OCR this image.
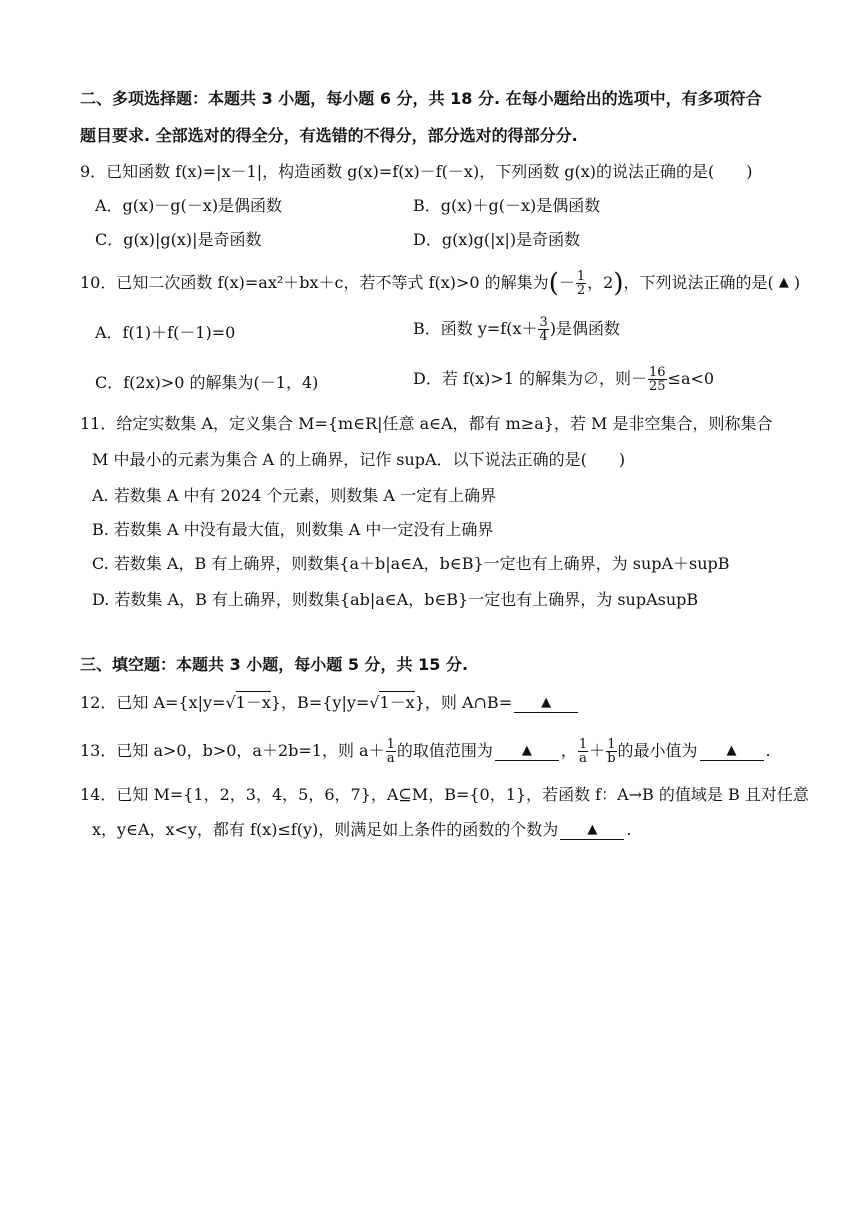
二、多项选择题：本题共 3 小题，每小题 6 分，共 18 分. 在每小题给出的选项中，有多项符合
题目要求. 全部选对的得全分，有选错的不得分，部分选对的得部分分.
9．已知函数 f(x)=|x－1|，构造函数 g(x)=f(x)－f(－x)，下列函数 g(x)的说法正确的是(　　)
A．g(x)－g(－x)是偶函数	B．g(x)＋g(－x)是偶函数
C．g(x)|g(x)|是奇函数	D．g(x)g(|x|)是奇函数
10．已知二次函数 f(x)=ax²＋bx＋c，若不等式 f(x)>0 的解集为(－ $\frac{1}{2}$ ，2)，下列说法正确的是( ▲ )
A．f(1)＋f(－1)=0	B．函数 $y=f(x+ \frac{3}{4}$ )是偶函数
C．f(2x)>0 的解集为(－1，4)	D．若 f(x)>1 的解集为∅，则－ $\frac{16}{25} \le a<0$
11．给定实数集 A，定义集合 M={m∈R|任意 a∈A，都有 m≥a}，若 M 是非空集合，则称集合
M 中最小的元素为集合 A 的上确界，记作 supA．以下说法正确的是(　　)
A. 若数集 A 中有 2024 个元素，则数集 A 一定有上确界
B. 若数集 A 中没有最大值，则数集 A 中一定没有上确界
C. 若数集 A，B 有上确界，则数集{a＋b|a∈A，b∈B}一定也有上确界，为 supA＋supB
D. 若数集 A，B 有上确界，则数集{ab|a∈A，b∈B}一定也有上确界，为 supAsupB
三、填空题：本题共 3 小题，每小题 5 分，共 15 分.
12．已知 A={x|y=√1－x}，B={y|y=√1－x}，则 A∩B= ▲
13．已知 a>0，b>0，a＋2b=1，则 $a+ \frac{1}{a}$ 的取值范围为 ▲ ， $\frac{1}{a} + \frac{1}{b}$ 的最小值为 ▲ .
14．已知 M={1，2，3，4，5，6，7}，A⊆M，B={0，1}，若函数 f：A→B 的值域是 B 且对任意
x，y∈A，x<y，都有 f(x)≤f(y)，则满足如上条件的函数的个数为 ▲ .
